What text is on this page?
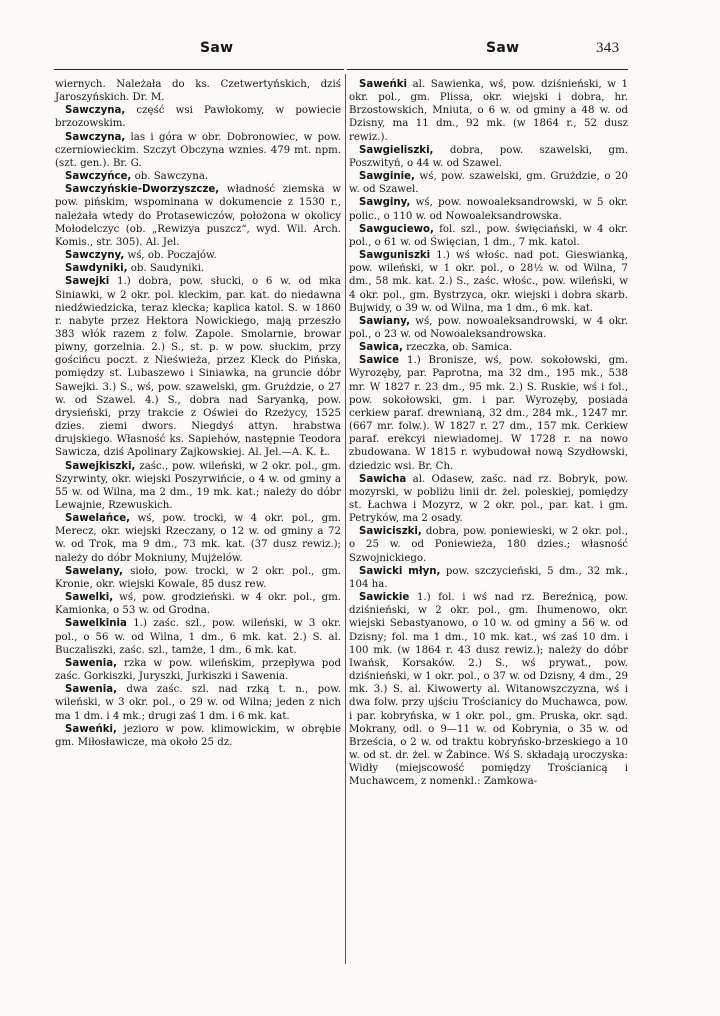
Saw	Saw	343
wiernych. Należała do ks. Czetwertyńskich, dziś Jaroszyńskich. Dr. M.
Sawczyna, część wsi Pawłokomy, w powiecie brzozowskim.
Sawczyna, las i góra w obr. Dobronowiec, w pow. czerniowieckim. Szczyt Obczyna wznies. 479 mt. npm. (szt. gen.). Br. G.
Sawczyńce, ob. Sawczyna.
Sawczyńskie-Dworzyszcze, władność ziemska w pow. pińskim, wspominana w dokumencie z 1530 r., należała wtedy do Protasewiczów, położona w okolicy Mołodelczyc (ob. „Rewizya puszcz“, wyd. Wil. Arch. Komis., str. 305). Al. Jel.
Sawczyny, wś, ob. Poczajów.
Sawdyniki, ob. Saudyniki.
Sawejki 1.) dobra, pow. słucki, o 6 w. od mka Siniawki, w 2 okr. pol. kleckim, par. kat. do niedawna niedźwiedzicka, teraz klecka; kaplica katol. S. w 1860 r. nabyte przez Hektora Nowickiego, mają przeszło 383 włók razem z folw. Zapole. Smolarnie, browar piwny, gorzelnia. 2.) S., st. p. w pow. słuckim, przy gościńcu poczt. z Nieświeża, przez Kleck do Pińska, pomiędzy st. Lubaszewo i Siniawka, na gruncie dóbr Sawejki. 3.) S., wś, pow. szawelski, gm. Grużdzie, o 27 w. od Szawel. 4.) S., dobra nad Saryanką, pow. drysieński, przy trakcie z Oświei do Rzeżycy, 1525 dzies. ziemi dwors. Niegdyś attyn. hrabstwa drujskiego. Własność ks. Sapiehów, następnie Teodora Sawicza, dziś Apolinary Zajkowskiej. Al. Jel.—A. K. Ł.
Sawejkiszki, zaśc., pow. wileński, w 2 okr. pol., gm. Szyrwinty, okr. wiejski Poszyrwińcie, o 4 w. od gminy a 55 w. od Wilna, ma 2 dm., 19 mk. kat.; należy do dóbr Lewajnie, Rzewuskich.
Sawelańce, wś, pow. trocki, w 4 okr. pol., gm. Merecz, okr. wiejski Rzeczany, o 12 w. od gminy a 72 w. od Trok, ma 9 dm., 73 mk. kat. (37 dusz rewiz.); należy do dóbr Mokniuny, Mujżelów.
Sawelany, sioło, pow. trocki, w 2 okr. pol., gm. Kronie, okr. wiejski Kowale, 85 dusz rew.
Sawelki, wś, pow. grodzieński. w 4 okr. pol., gm. Kamionka, o 53 w. od Grodna.
Sawelkinia 1.) zaśc. szl., pow. wileński, w 3 okr. pol., o 56 w. od Wilna, 1 dm., 6 mk. kat. 2.) S. al. Buczaliszki, zaśc. szl., tamże, 1 dm., 6 mk. kat.
Sawenia, rzka w pow. wileńskim, przepływa pod zaśc. Gorkiszki, Juryszki, Jurkiszki i Sawenia.
Sawenia, dwa zaśc. szl. nad rzką t. n., pow. wileński, w 3 okr. pol., o 29 w. od Wilna; jeden z nich ma 1 dm. i 4 mk.; drugi zaś 1 dm. i 6 mk. kat.
Saweńki, jezioro w pow. klimowickim, w obrębie gm. Miłosławicze, ma około 25 dz.
Saweńki al. Sawienka, wś, pow. dziśnieński, w 1 okr. pol., gm. Plissa, okr. wiejski i dobra, hr. Brzostowskich, Mniuta, o 6 w. od gminy a 48 w. od Dzisny, ma 11 dm., 92 mk. (w 1864 r., 52 dusz rewiz.).
Sawgieliszki, dobra, pow. szawelski, gm. Poszwityń, o 44 w. od Szawel.
Sawginie, wś, pow. szawelski, gm. Grużdzie, o 20 w. od Szawel.
Sawginy, wś, pow. nowoaleksandrowski, w 5 okr. polic., o 110 w. od Nowoaleksandrowska.
Sawguciewo, fol. szl., pow. święciański, w 4 okr. pol., o 61 w. od Święcian, 1 dm., 7 mk. katol.
Sawguniszki 1.) wś włośc. nad pot. Gieswianką, pow. wileński, w 1 okr. pol., o 28½ w. od Wilna, 7 dm., 58 mk. kat. 2.) S., zaśc. włośc., pow. wileński, w 4 okr. pol., gm. Bystrzyca, okr. wiejski i dobra skarb. Bujwidy, o 39 w. od Wilna, ma 1 dm., 6 mk. kat.
Sawiany, wś, pow. nowoaleksandrowski, w 4 okr. pol., o 23 w. od Nowoaleksandrowska.
Sawica, rzeczka, ob. Samica.
Sawice 1.) Bronisze, wś, pow. sokołowski, gm. Wyrozęby, par. Paprotna, ma 32 dm., 195 mk., 538 mr. W 1827 r. 23 dm., 95 mk. 2.) S. Ruskie, wś i fol., pow. sokołowski, gm. i par. Wyrozęby, posiada cerkiew paraf. drewnianą, 32 dm., 284 mk., 1247 mr. (667 mr. folw.). W 1827 r. 27 dm., 157 mk. Cerkiew paraf. erekcyi niewiadomej. W 1728 r. na nowo zbudowana. W 1815 r. wybudował nową Szydłowski, dziedzic wsi. Br. Ch.
Sawicha al. Odasew, zaśc. nad rz. Bobryk, pow. mozyrski, w pobliżu linii dr. żel. poleskiej, pomiędzy st. Łachwa i Mozyrz, w 2 okr. pol., par. kat. i gm. Petryków, ma 2 osady.
Sawiciszki, dobra, pow. poniewieski, w 2 okr. pol., o 25 w. od Poniewieża, 180 dzies.; własność Szwojnickiego.
Sawicki młyn, pow. szczycieński, 5 dm., 32 mk., 104 ha.
Sawickie 1.) fol. i wś nad rz. Bereźnicą, pow. dziśnieński, w 2 okr. pol., gm. Ihumenowo, okr. wiejski Sebastyanowo, o 10 w. od gminy a 56 w. od Dzisny; fol. ma 1 dm., 10 mk. kat., wś zaś 10 dm. i 100 mk. (w 1864 r. 43 dusz rewiz.); należy do dóbr Iwańsk, Korsaków. 2.) S., wś prywat., pow. dziśnieński, w 1 okr. pol., o 37 w. od Dzisny, 4 dm., 29 mk. 3.) S. al. Kiwowerty al. Witanowszczyzna, wś i dwa folw. przy ujściu Trościanicy do Muchawca, pow. i par. kobryńska, w 1 okr. pol., gm. Pruska, okr. sąd. Mokrany, odl. o 9—11 w. od Kobrynia, o 35 w. od Brześcia, o 2 w. od traktu kobryńsko-brzeskiego a 10 w. od st. dr. żel. w Żabince. Wś S. składają uroczyska: Widły (miejscowość pomiędzy Trościanicą i Muchawcem, z nomenkl.: Zamkowa-
